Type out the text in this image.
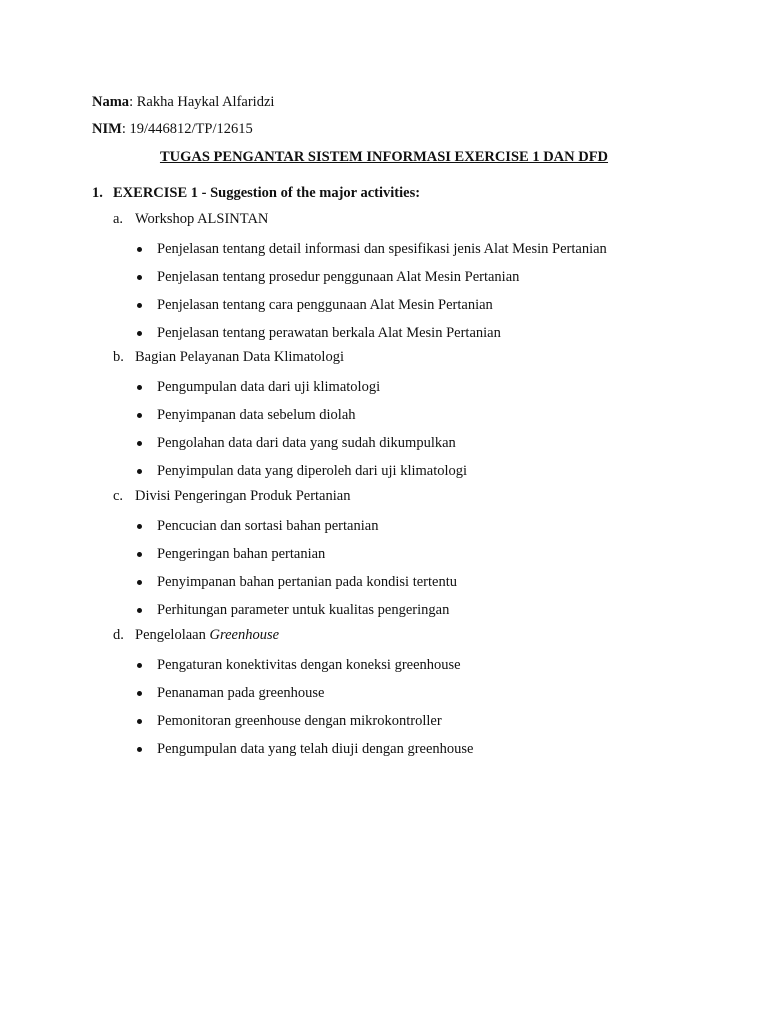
Nama: Rakha Haykal Alfaridzi
NIM: 19/446812/TP/12615
TUGAS PENGANTAR SISTEM INFORMASI EXERCISE 1 DAN DFD
1. EXERCISE 1 - Suggestion of the major activities:
a. Workshop ALSINTAN
Penjelasan tentang detail informasi dan spesifikasi jenis Alat Mesin Pertanian
Penjelasan tentang prosedur penggunaan Alat Mesin Pertanian
Penjelasan tentang cara penggunaan Alat Mesin Pertanian
Penjelasan tentang perawatan berkala Alat Mesin Pertanian
b. Bagian Pelayanan Data Klimatologi
Pengumpulan data dari uji klimatologi
Penyimpanan data sebelum diolah
Pengolahan data dari data yang sudah dikumpulkan
Penyimpulan data yang diperoleh dari uji klimatologi
c. Divisi Pengeringan Produk Pertanian
Pencucian dan sortasi bahan pertanian
Pengeringan bahan pertanian
Penyimpanan bahan pertanian pada kondisi tertentu
Perhitungan parameter untuk kualitas pengeringan
d. Pengelolaan Greenhouse
Pengaturan konektivitas dengan koneksi greenhouse
Penanaman pada greenhouse
Pemonitoran greenhouse dengan mikrokontroller
Pengumpulan data yang telah diuji dengan greenhouse
